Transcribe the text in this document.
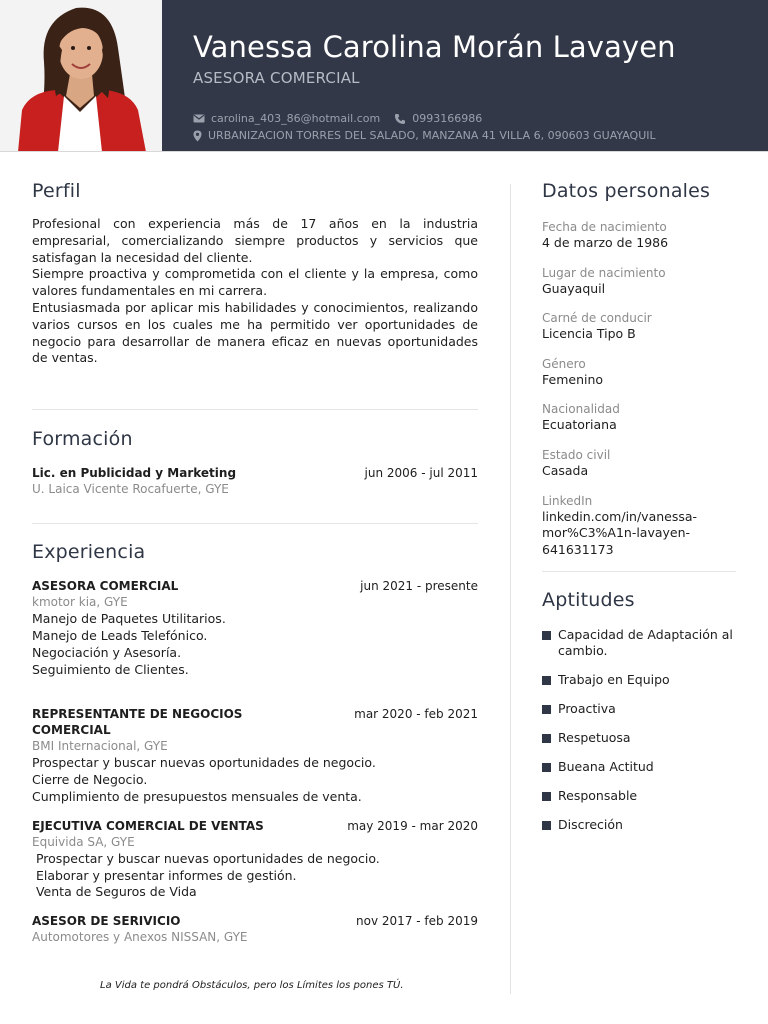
Vanessa Carolina Morán Lavayen
ASESORA COMERCIAL
carolina_403_86@hotmail.com	0993166986
URBANIZACION TORRES DEL SALADO, MANZANA 41 VILLA 6, 090603 GUAYAQUIL
Perfil

Profesional con experiencia más de 17 años en la industria empresarial, comercializando siempre productos y servicios que satisfagan la necesidad del cliente.

Siempre proactiva y comprometida con el cliente y la empresa, como valores fundamentales en mi carrera.

Entusiasmada por aplicar mis habilidades y conocimientos, realizando varios cursos en los cuales me ha permitido ver oportunidades de negocio para desarrollar de manera eficaz en nuevas oportunidades de ventas.

Formación
Lic. en Publicidad y Marketing	jun 2006 - jul 2011
U. Laica Vicente Rocafuerte, GYE
Experiencia
ASESORA COMERCIAL	jun 2021 - presente
kmotor kia, GYE
Manejo de Paquetes Utilitarios.
Manejo de Leads Telefónico.
Negociación y Asesoría.
Seguimiento de Clientes.
REPRESENTANTE DE NEGOCIOS COMERCIAL
mar 2020 - feb 2021
BMI Internacional, GYE
Prospectar y buscar nuevas oportunidades de negocio.
Cierre de Negocio.
Cumplimiento de presupuestos mensuales de venta.
EJECUTIVA COMERCIAL DE VENTAS	may 2019 - mar 2020
Equivida SA, GYE
Prospectar y buscar nuevas oportunidades de negocio.
Elaborar y presentar informes de gestión.
Venta de Seguros de Vida
ASESOR DE SERIVICIO	nov 2017 - feb 2019
Automotores y Anexos NISSAN, GYE
La Vida te pondrá Obstáculos, pero los Límites los pones TÚ.
Datos personales
Fecha de nacimiento
4 de marzo de 1986
Lugar de nacimiento
Guayaquil
Carné de conducir
Licencia Tipo B
Género
Femenino
Nacionalidad
Ecuatoriana
Estado civil
Casada
LinkedIn
linkedin.com/in/vanessa-mor%C3%A1n-lavayen-641631173
Aptitudes
Capacidad de Adaptación al cambio.
Trabajo en Equipo
Proactiva
Respetuosa
Bueana Actitud
Responsable
Discreción
